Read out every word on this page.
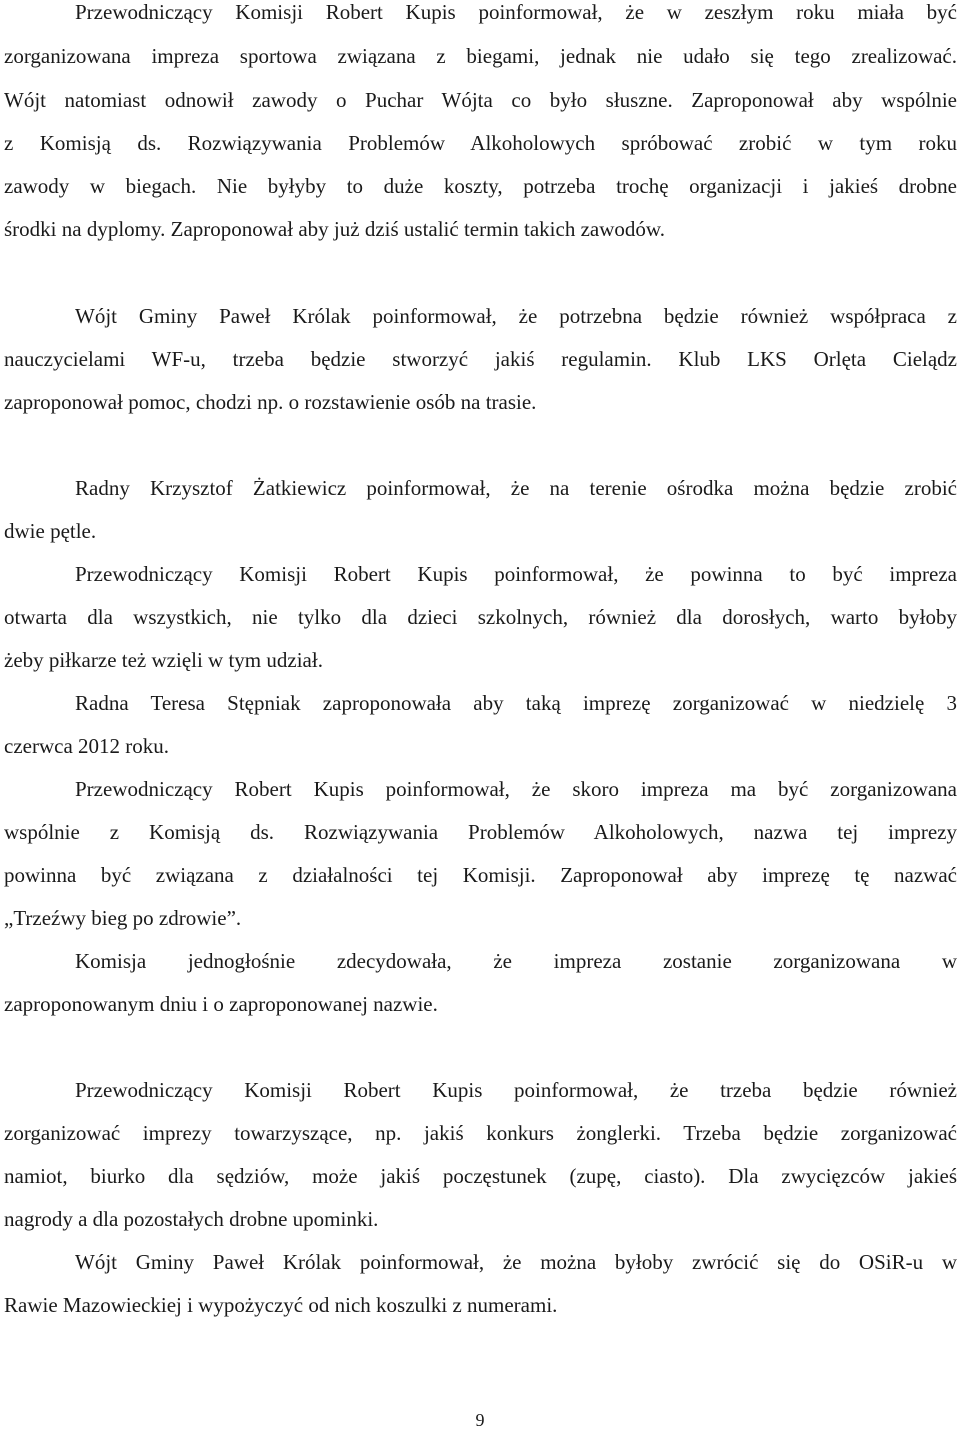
Przewodniczący Komisji Robert Kupis poinformował, że w zeszłym roku miała być
zorganizowana impreza sportowa związana z biegami, jednak nie udało się tego zrealizować.
Wójt natomiast odnowił zawody o Puchar Wójta co było słuszne. Zaproponował aby wspólnie
z Komisją ds. Rozwiązywania Problemów Alkoholowych spróbować zrobić w tym roku
zawody w biegach. Nie byłyby to duże koszty, potrzeba trochę organizacji i jakieś drobne
środki na dyplomy. Zaproponował aby już dziś ustalić termin takich zawodów.
Wójt Gminy Paweł Królak poinformował, że potrzebna będzie również współpraca z
nauczycielami WF-u, trzeba będzie stworzyć jakiś regulamin. Klub LKS Orlęta Cielądz
zaproponował pomoc, chodzi np. o rozstawienie osób na trasie.
Radny Krzysztof Żatkiewicz poinformował, że na terenie ośrodka można będzie zrobić
dwie pętle.
Przewodniczący Komisji Robert Kupis poinformował, że powinna to być impreza
otwarta dla wszystkich, nie tylko dla dzieci szkolnych, również dla dorosłych, warto byłoby
żeby piłkarze też wzięli w tym udział.
Radna Teresa Stępniak zaproponowała aby taką imprezę zorganizować w niedzielę 3
czerwca 2012 roku.
Przewodniczący Robert Kupis poinformował, że skoro impreza ma być zorganizowana
wspólnie z Komisją ds. Rozwiązywania Problemów Alkoholowych, nazwa tej imprezy
powinna być związana z działalności tej Komisji. Zaproponował aby imprezę tę nazwać
„Trzeźwy bieg po zdrowie”.
Komisja jednogłośnie zdecydowała, że impreza zostanie zorganizowana w
zaproponowanym dniu i o zaproponowanej nazwie.
Przewodniczący Komisji Robert Kupis poinformował, że trzeba będzie również
zorganizować imprezy towarzyszące, np. jakiś konkurs żonglerki. Trzeba będzie zorganizować
namiot, biurko dla sędziów, może jakiś poczęstunek (zupę, ciasto). Dla zwycięzców jakieś
nagrody a dla pozostałych drobne upominki.
Wójt Gminy Paweł Królak poinformował, że można byłoby zwrócić się do OSiR-u w
Rawie Mazowieckiej i wypożyczyć od nich koszulki z numerami.
9
